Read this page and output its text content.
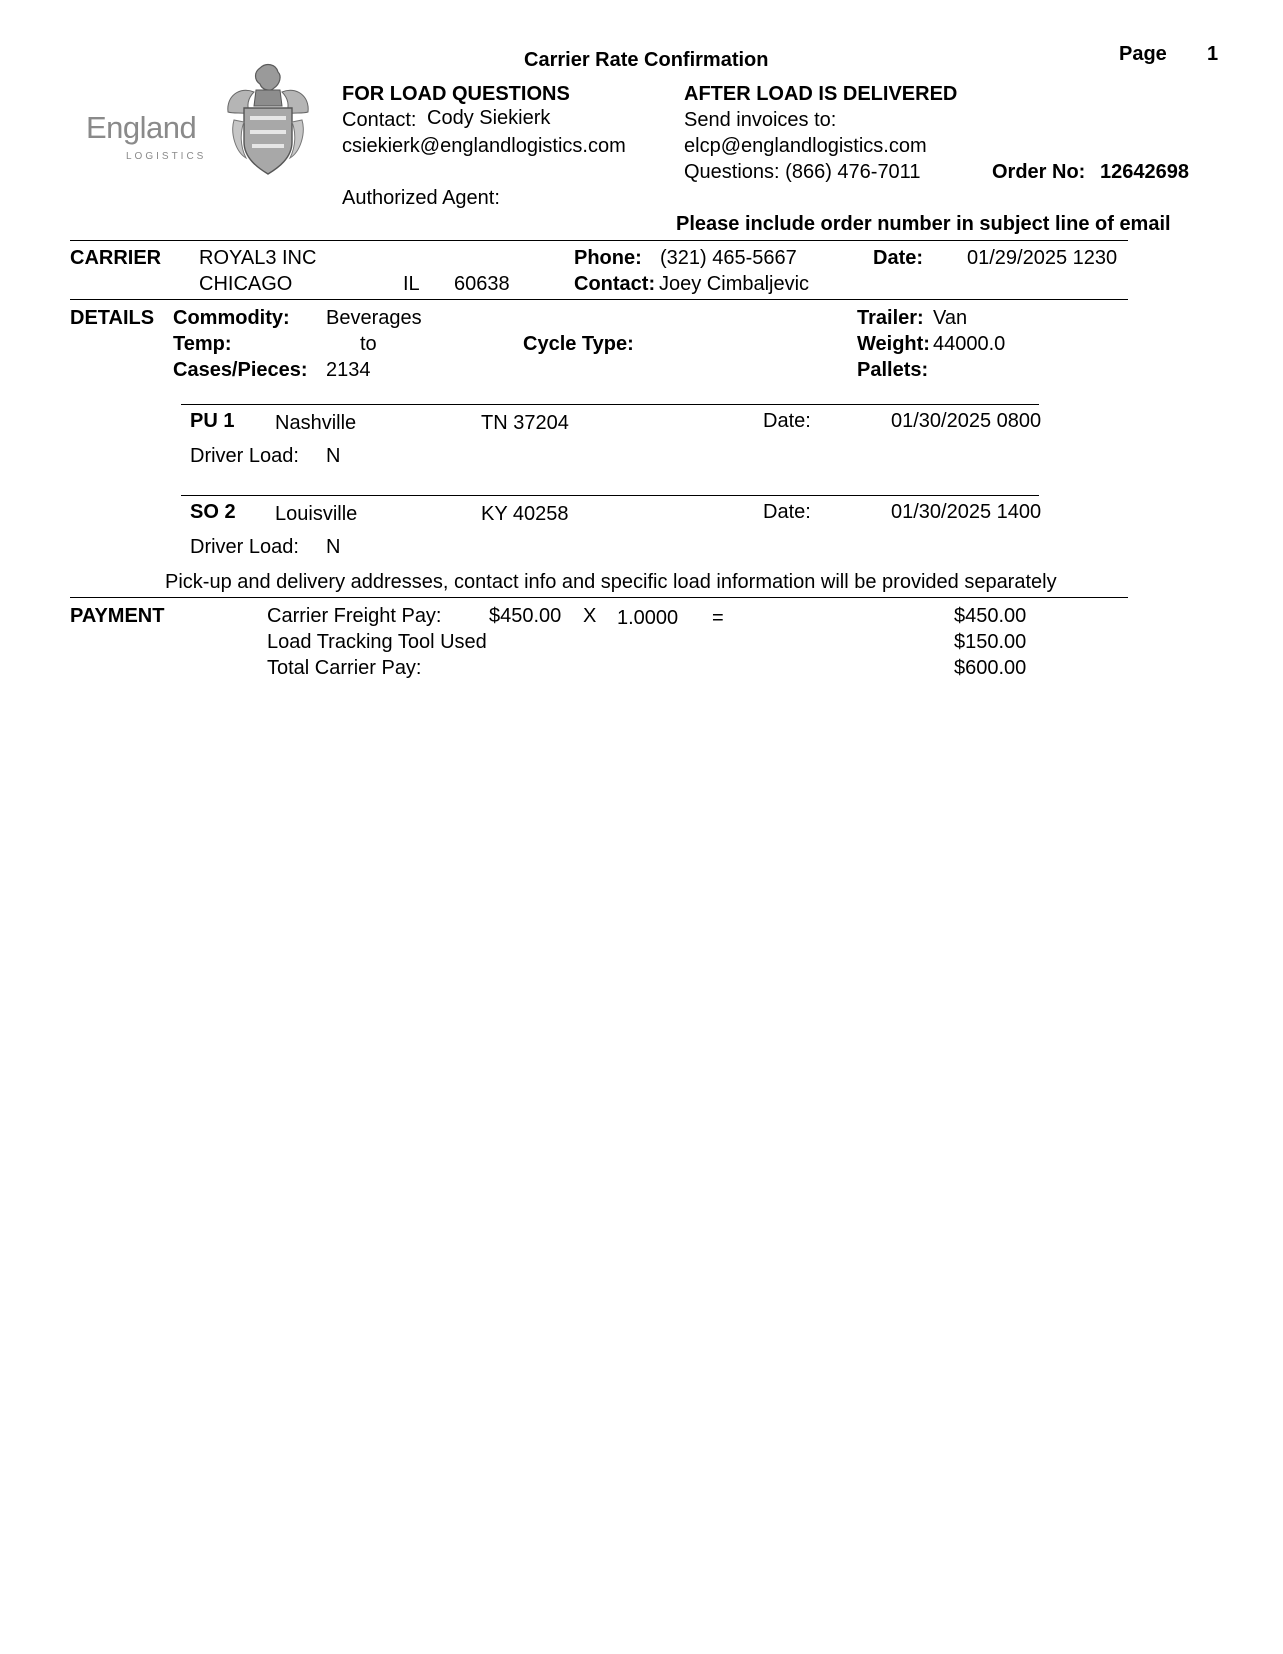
Carrier Rate Confirmation	Page 1
England
LOGISTICS
FOR LOAD QUESTIONS
Contact: Cody Siekierk
csiekierk@englandlogistics.com
Authorized Agent:
AFTER LOAD IS DELIVERED
Send invoices to:
elcp@englandlogistics.com
Questions: (866) 476-7011	Order No: 12642698
Please include order number in subject line of email
CARRIER ROYAL3 INC
CHICAGO	IL 60638
Phone: (321) 465-5667
Contact: Joey Cimbaljevic
Date: 01/29/2025 1230
DETAILS Commodity: Beverages
Temp:	to
Cases/Pieces: 2134
Cycle Type:
Trailer: Van
Weight: 44000.0
Pallets:
PU 1 Nashville	TN 37204	Date:	01/30/2025 0800
Driver Load: N
SO 2 Louisville	KY 40258	Date:	01/30/2025 1400
Driver Load: N
Pick-up and delivery addresses, contact info and specific load information will be provided separately
PAYMENT	Carrier Freight Pay: $450.00 X 1.0000 =	$450.00
Load Tracking Tool Used	$150.00
Total Carrier Pay:	$600.00
